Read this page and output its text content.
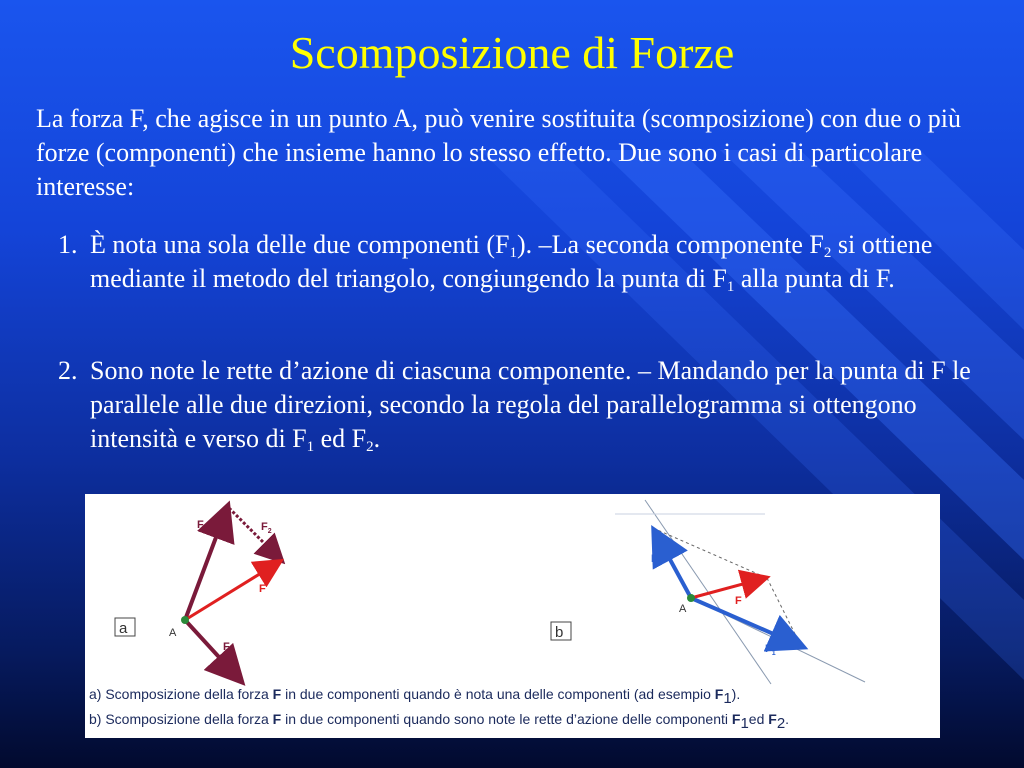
Scomposizione di Forze
La forza F, che agisce in un punto A, può venire sostituita (scomposizione) con due o più forze (componenti) che insieme hanno lo stesso effetto. Due sono i casi di particolare interesse:
1. È nota una sola delle due componenti $(F_1)$. –La seconda componente $F_2$ si ottiene mediante il metodo del triangolo, congiungendo la punta di $F_1$ alla punta di F.
2. Sono note le rette d’azione di ciascuna componente. – Mandando per la punta di F le parallele alle due direzioni, secondo la regola del parallelogramma si ottengono intensità e verso di $F_1$ ed $F_2$.
a	A
$F_1$	$F_2$
F
$F_2$
b
A
$F_2$
F
$F_1$
a) Scomposizione della forza F in due componenti quando è nota una delle componenti (ad esempio $F_1$).
b) Scomposizione della forza F in due componenti quando sono note le rette d’azione delle componenti $F_1ed$ $F_2$.
